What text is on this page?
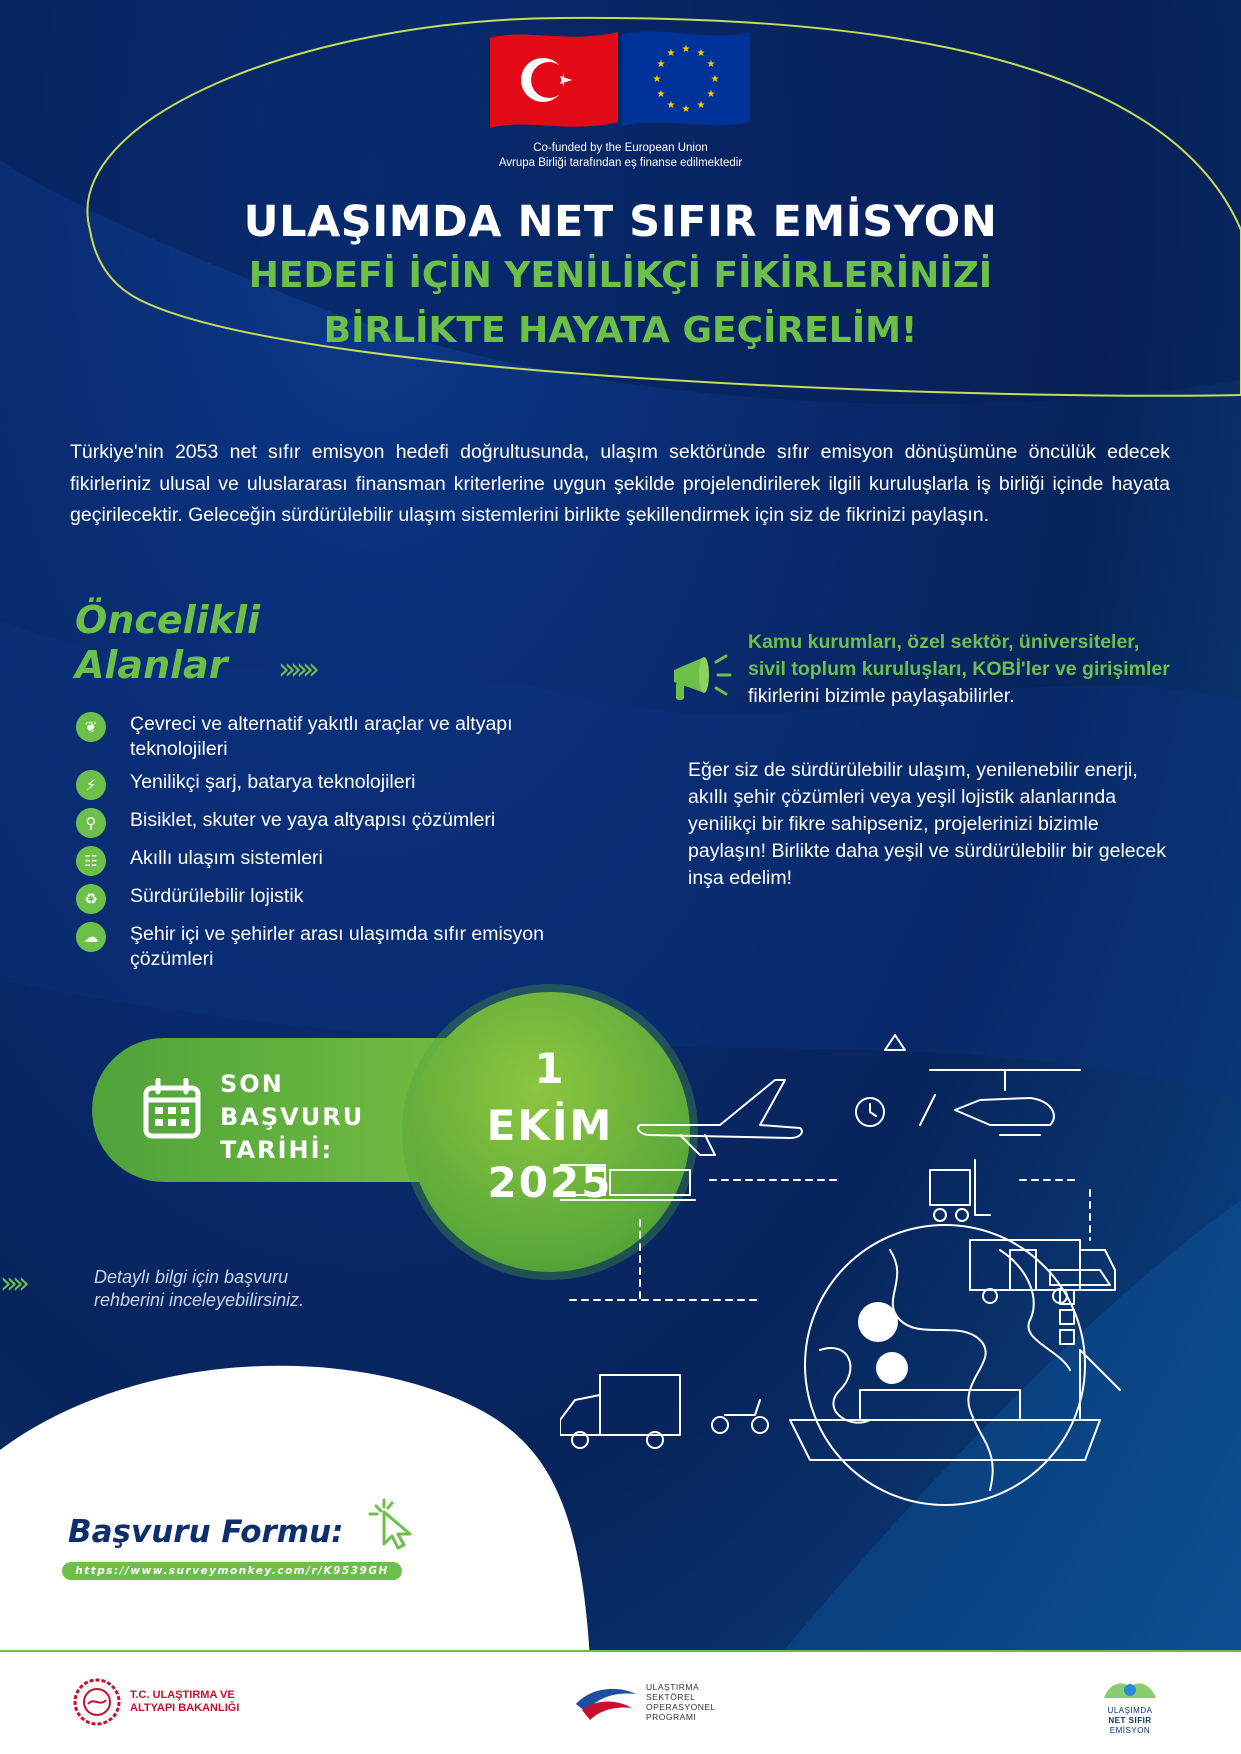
★ ★
★
★
★
★
★
★
★
★
★
★
Co-funded by the European Union
Avrupa Birliği tarafından eş finanse edilmektedir
ULAŞIMDA NET SIFIR EMİSYON
HEDEFİ İÇİN YENİLİKÇİ FİKİRLERİNİZİ
BİRLİKTE HAYATA GEÇİRELİM!
Türkiye'nin 2053 net sıfır emisyon hedefi doğrultusunda, ulaşım sektöründe sıfır emisyon dönüşümüne öncülük edecek fikirleriniz ulusal ve uluslararası finansman kriterlerine uygun şekilde projelendirilerek ilgili kuruluşlarla iş birliği içinde hayata geçirilecektir. Geleceğin sürdürülebilir ulaşım sistemlerini birlikte şekillendirmek için siz de fikrinizi paylaşın.
Öncelikli
Alanlar	››››››
❦	Çevreci ve alternatif yakıtlı araçlar ve altyapı teknolojileri
⚡	Yenilikçi şarj, batarya teknolojileri
⚲	Bisiklet, skuter ve yaya altyapısı çözümleri
☷	Akıllı ulaşım sistemleri
♻	Sürdürülebilir lojistik
☁	Şehir içi ve şehirler arası ulaşımda sıfır emisyon çözümleri
Kamu kurumları, özel sektör, üniversiteler, sivil toplum kuruluşları, KOBİ'ler ve girişimler fikirlerini bizimle paylaşabilirler.
Eğer siz de sürdürülebilir ulaşım, yenilenebilir enerji, akıllı şehir çözümleri veya yeşil lojistik alanlarında yenilikçi bir fikre sahipseniz, projelerinizi bizimle paylaşın! Birlikte daha yeşil ve sürdürülebilir bir gelecek inşa edelim!
SON
BAŞVURU
TARİHİ:
1
EKİM
2025
››››	Detaylı bilgi için başvuru
rehberini inceleyebilirsiniz.
Başvuru Formu:
https://www.surveymonkey.com/r/K9539GH
T.C. ULAŞTIRMA VE
ALTYAPI BAKANLIĞI
ULAŞTIRMA
SEKTÖREL
OPERASYONEL
PROGRAMI
ULAŞIMDA
NET SIFIR
EMİSYON
